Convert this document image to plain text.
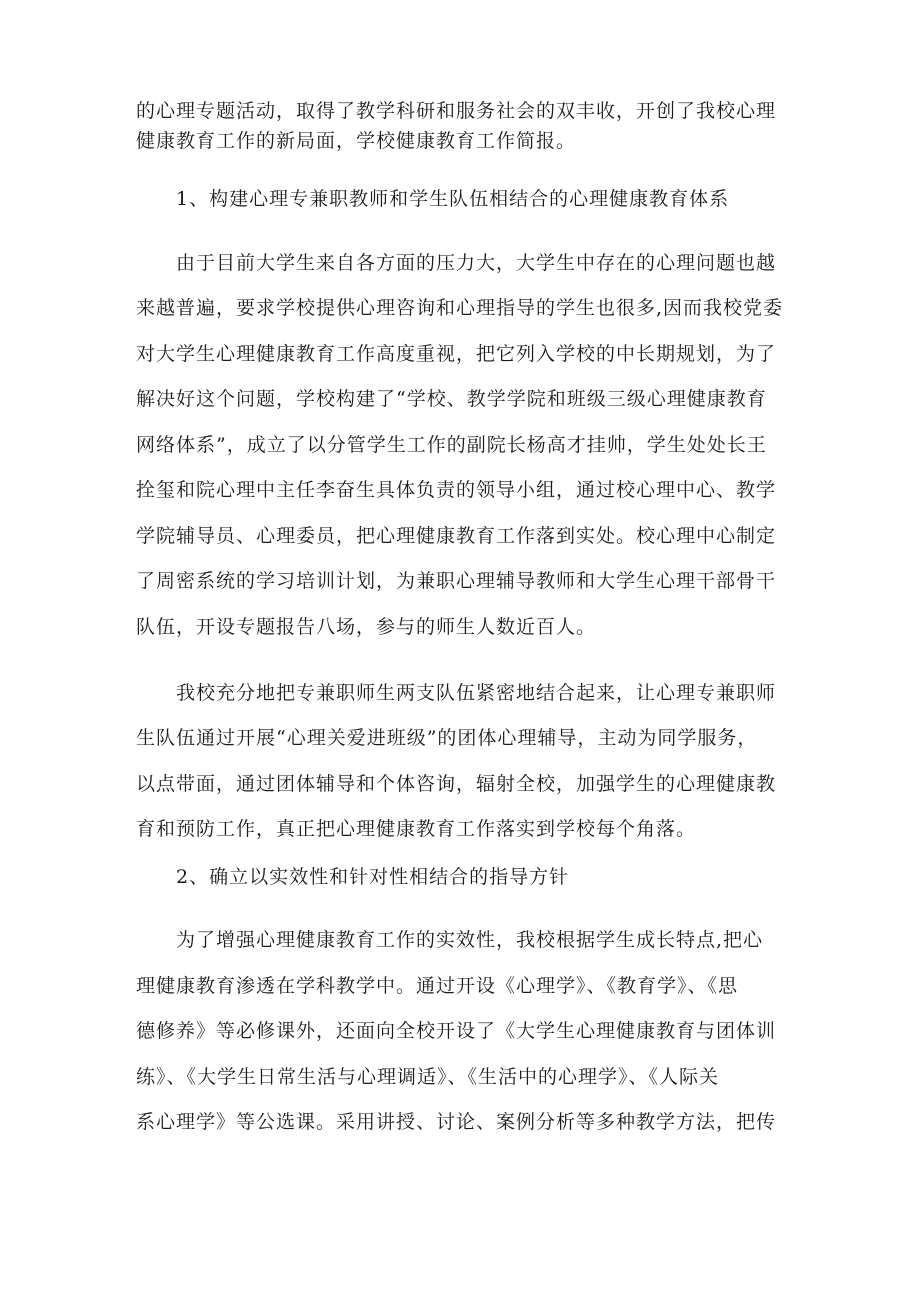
的心理专题活动，取得了教学科研和服务社会的双丰收，开创了我校心理

健康教育工作的新局面，学校健康教育工作简报。

1、构建心理专兼职教师和学生队伍相结合的心理健康教育体系

由于目前大学生来自各方面的压力大，大学生中存在的心理问题也越

来越普遍，要求学校提供心理咨询和心理指导的学生也很多,因而我校党委

对大学生心理健康教育工作高度重视，把它列入学校的中长期规划，为了

解决好这个问题，学校构建了“学校、教学学院和班级三级心理健康教育

网络体系”，成立了以分管学生工作的副院长杨高才挂帅，学生处处长王

拴玺和院心理中主任李奋生具体负责的领导小组，通过校心理中心、教学

学院辅导员、心理委员，把心理健康教育工作落到实处。校心理中心制定

了周密系统的学习培训计划，为兼职心理辅导教师和大学生心理干部骨干

队伍，开设专题报告八场，参与的师生人数近百人。

我校充分地把专兼职师生两支队伍紧密地结合起来，让心理专兼职师

生队伍通过开展“心理关爱进班级”的团体心理辅导，主动为同学服务，

以点带面，通过团体辅导和个体咨询，辐射全校，加强学生的心理健康教

育和预防工作，真正把心理健康教育工作落实到学校每个角落。

2、确立以实效性和针对性相结合的指导方针

为了增强心理健康教育工作的实效性，我校根据学生成长特点,把心

理健康教育渗透在学科教学中。通过开设《心理学》、《教育学》、《思

德修养》等必修课外，还面向全校开设了《大学生心理健康教育与团体训

练》、《大学生日常生活与心理调适》、《生活中的心理学》、《人际关

系心理学》等公选课。采用讲授、讨论、案例分析等多种教学方法，把传
